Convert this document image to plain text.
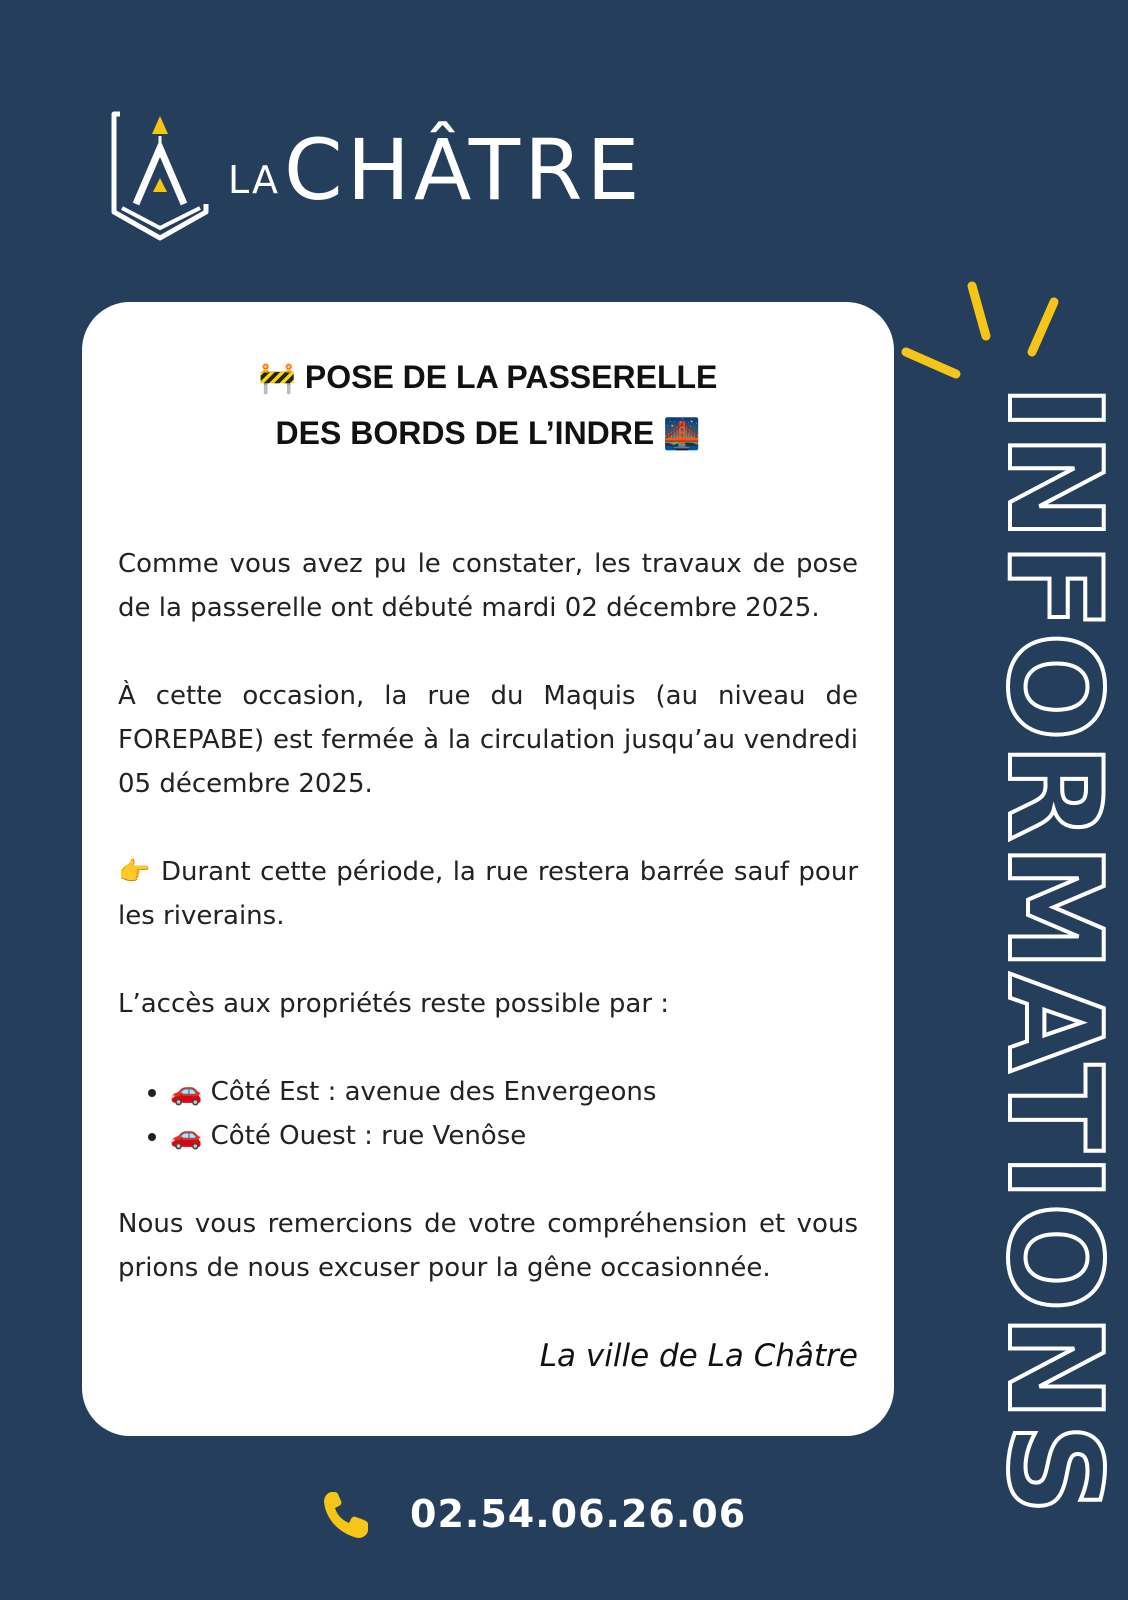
LACHÂTRE
🚧 POSE DE LA PASSERELLE
DES BORDS DE L’INDRE 🌉

Comme vous avez pu le constater, les travaux de pose de la passerelle ont débuté mardi 02 décembre 2025.

À cette occasion, la rue du Maquis (au niveau de FOREPABE) est fermée à la circulation jusqu’au vendredi 05 décembre 2025.

👉 Durant cette période, la rue restera barrée sauf pour les riverains.

L’accès aux propriétés reste possible par :

• 🚗 Côté Est : avenue des Envergeons
• 🚗 Côté Ouest : rue Venôse

Nous vous remercions de votre compréhension et vous prions de nous excuser pour la gêne occasionnée.

La ville de La Châtre
02.54.06.26.06 INFORMATIONS
